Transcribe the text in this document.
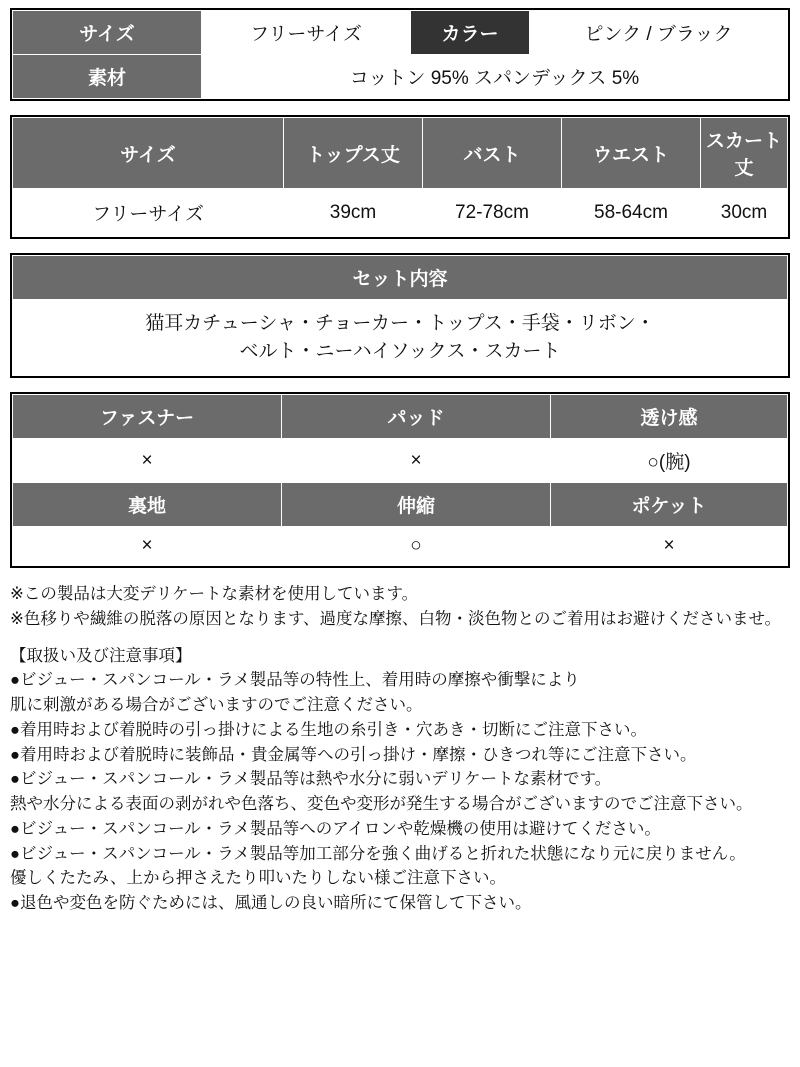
サイズ	フリーサイズ	カラー	ピンク / ブラック
素材	コットン 95% スパンデックス 5%		
サイズ	トップス丈	バスト	ウエスト	スカート丈
フリーサイズ	39cm	72-78cm	58-64cm	30cm
セット内容

猫耳カチューシャ・チョーカー・トップス・手袋・リボン・
ベルト・ニーハイソックス・スカート
ファスナー	パッド	透け感
×	×	○(腕)
裏地	伸縮	ポケット
×	○	×

※この製品は大変デリケートな素材を使用しています。

※色移りや繊維の脱落の原因となります、過度な摩擦、白物・淡色物とのご着用はお避けくださいませ。

【取扱い及び注意事項】

●ビジュー・スパンコール・ラメ製品等の特性上、着用時の摩擦や衝撃により

肌に刺激がある場合がございますのでご注意ください。

●着用時および着脱時の引っ掛けによる生地の糸引き・穴あき・切断にご注意下さい。

●着用時および着脱時に装飾品・貴金属等への引っ掛け・摩擦・ひきつれ等にご注意下さい。

●ビジュー・スパンコール・ラメ製品等は熱や水分に弱いデリケートな素材です。

熱や水分による表面の剥がれや色落ち、変色や変形が発生する場合がございますのでご注意下さい。

●ビジュー・スパンコール・ラメ製品等へのアイロンや乾燥機の使用は避けてください。

●ビジュー・スパンコール・ラメ製品等加工部分を強く曲げると折れた状態になり元に戻りません。

優しくたたみ、上から押さえたり叩いたりしない様ご注意下さい。

●退色や変色を防ぐためには、風通しの良い暗所にて保管して下さい。
